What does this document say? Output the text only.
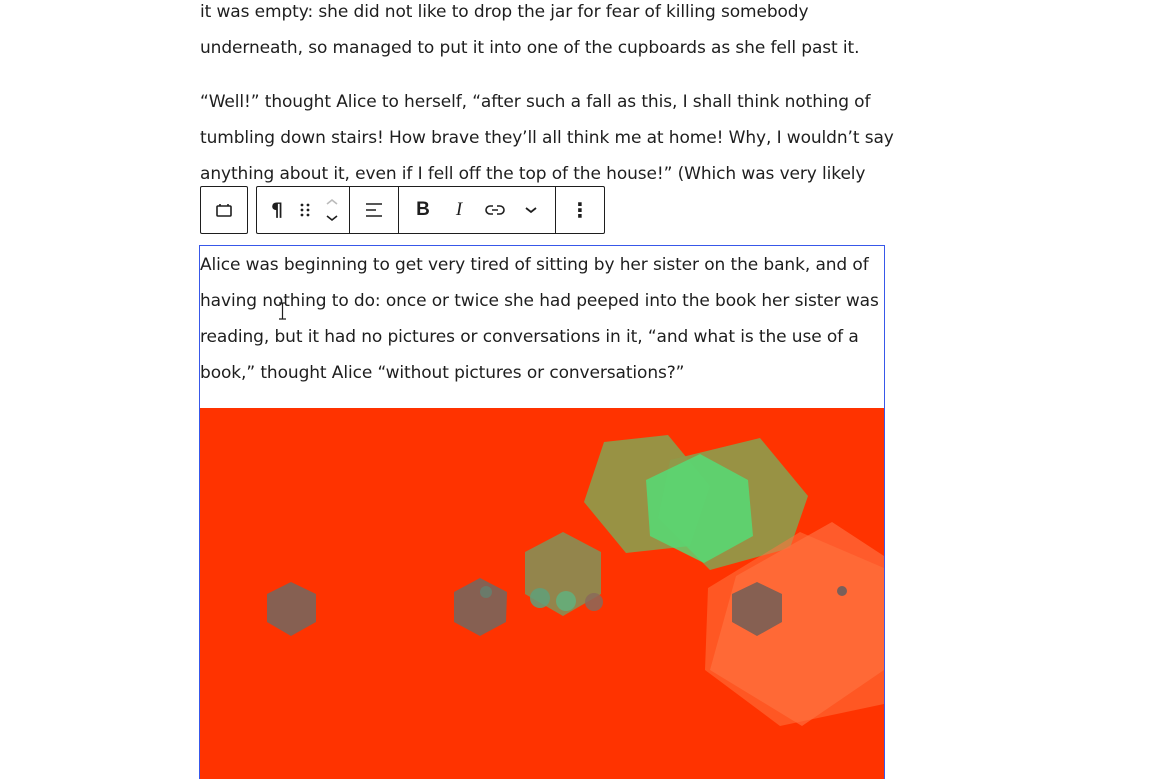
it was empty: she did not like to drop the jar for fear of killing somebody
underneath, so managed to put it into one of the cupboards as she fell past it.

“Well!” thought Alice to herself, “after such a fall as this, I shall think nothing of
tumbling down stairs! How brave they’ll all think me at home! Why, I wouldn’t say
anything about it, even if I fell off the top of the house!” (Which was very likely

¶	B	I	⋮

Alice was beginning to get very tired of sitting by her sister on the bank, and of
having nothing to do: once or twice she had peeped into the book her sister was
reading, but it had no pictures or conversations in it, “and what is the use of a
book,” thought Alice “without pictures or conversations?”
